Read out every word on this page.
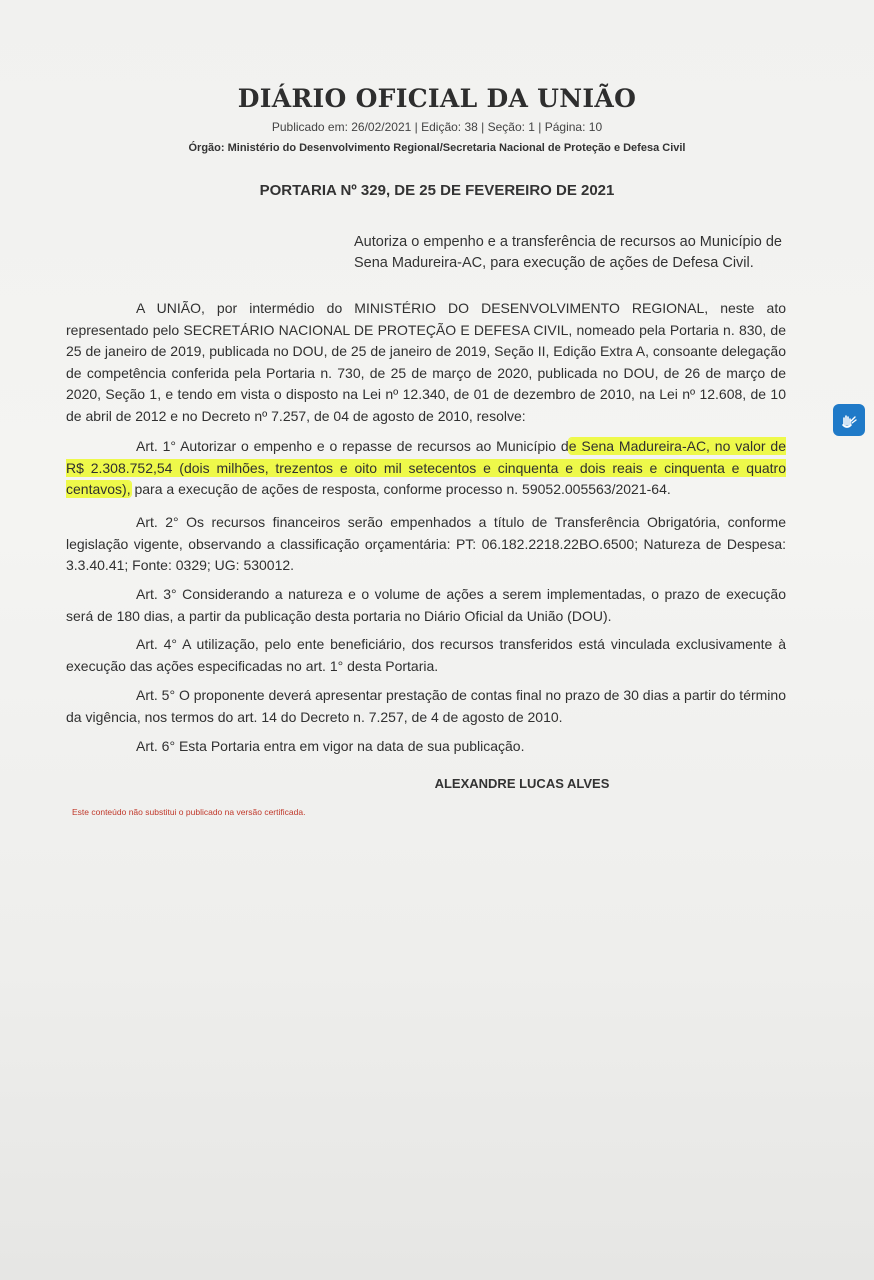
DIÁRIO OFICIAL DA UNIÃO
Publicado em: 26/02/2021 | Edição: 38 | Seção: 1 | Página: 10
Órgão: Ministério do Desenvolvimento Regional/Secretaria Nacional de Proteção e Defesa Civil
PORTARIA Nº 329, DE 25 DE FEVEREIRO DE 2021
Autoriza o empenho e a transferência de recursos ao Município de Sena Madureira-AC, para execução de ações de Defesa Civil.
A UNIÃO, por intermédio do MINISTÉRIO DO DESENVOLVIMENTO REGIONAL, neste ato representado pelo SECRETÁRIO NACIONAL DE PROTEÇÃO E DEFESA CIVIL, nomeado pela Portaria n. 830, de 25 de janeiro de 2019, publicada no DOU, de 25 de janeiro de 2019, Seção II, Edição Extra A, consoante delegação de competência conferida pela Portaria n. 730, de 25 de março de 2020, publicada no DOU, de 26 de março de 2020, Seção 1, e tendo em vista o disposto na Lei nº 12.340, de 01 de dezembro de 2010, na Lei nº 12.608, de 10 de abril de 2012 e no Decreto nº 7.257, de 04 de agosto de 2010, resolve:
Art. 1° Autorizar o empenho e o repasse de recursos ao Município de Sena Madureira-AC, no valor de R$ 2.308.752,54 (dois milhões, trezentos e oito mil setecentos e cinquenta e dois reais e cinquenta e quatro centavos), para a execução de ações de resposta, conforme processo n. 59052.005563/2021-64.
Art. 2° Os recursos financeiros serão empenhados a título de Transferência Obrigatória, conforme legislação vigente, observando a classificação orçamentária: PT: 06.182.2218.22BO.6500; Natureza de Despesa: 3.3.40.41; Fonte: 0329; UG: 530012.
Art. 3° Considerando a natureza e o volume de ações a serem implementadas, o prazo de execução será de 180 dias, a partir da publicação desta portaria no Diário Oficial da União (DOU).
Art. 4° A utilização, pelo ente beneficiário, dos recursos transferidos está vinculada exclusivamente à execução das ações especificadas no art. 1° desta Portaria.
Art. 5° O proponente deverá apresentar prestação de contas final no prazo de 30 dias a partir do término da vigência, nos termos do art. 14 do Decreto n. 7.257, de 4 de agosto de 2010.
Art. 6° Esta Portaria entra em vigor na data de sua publicação.
ALEXANDRE LUCAS ALVES
Este conteúdo não substitui o publicado na versão certificada.
